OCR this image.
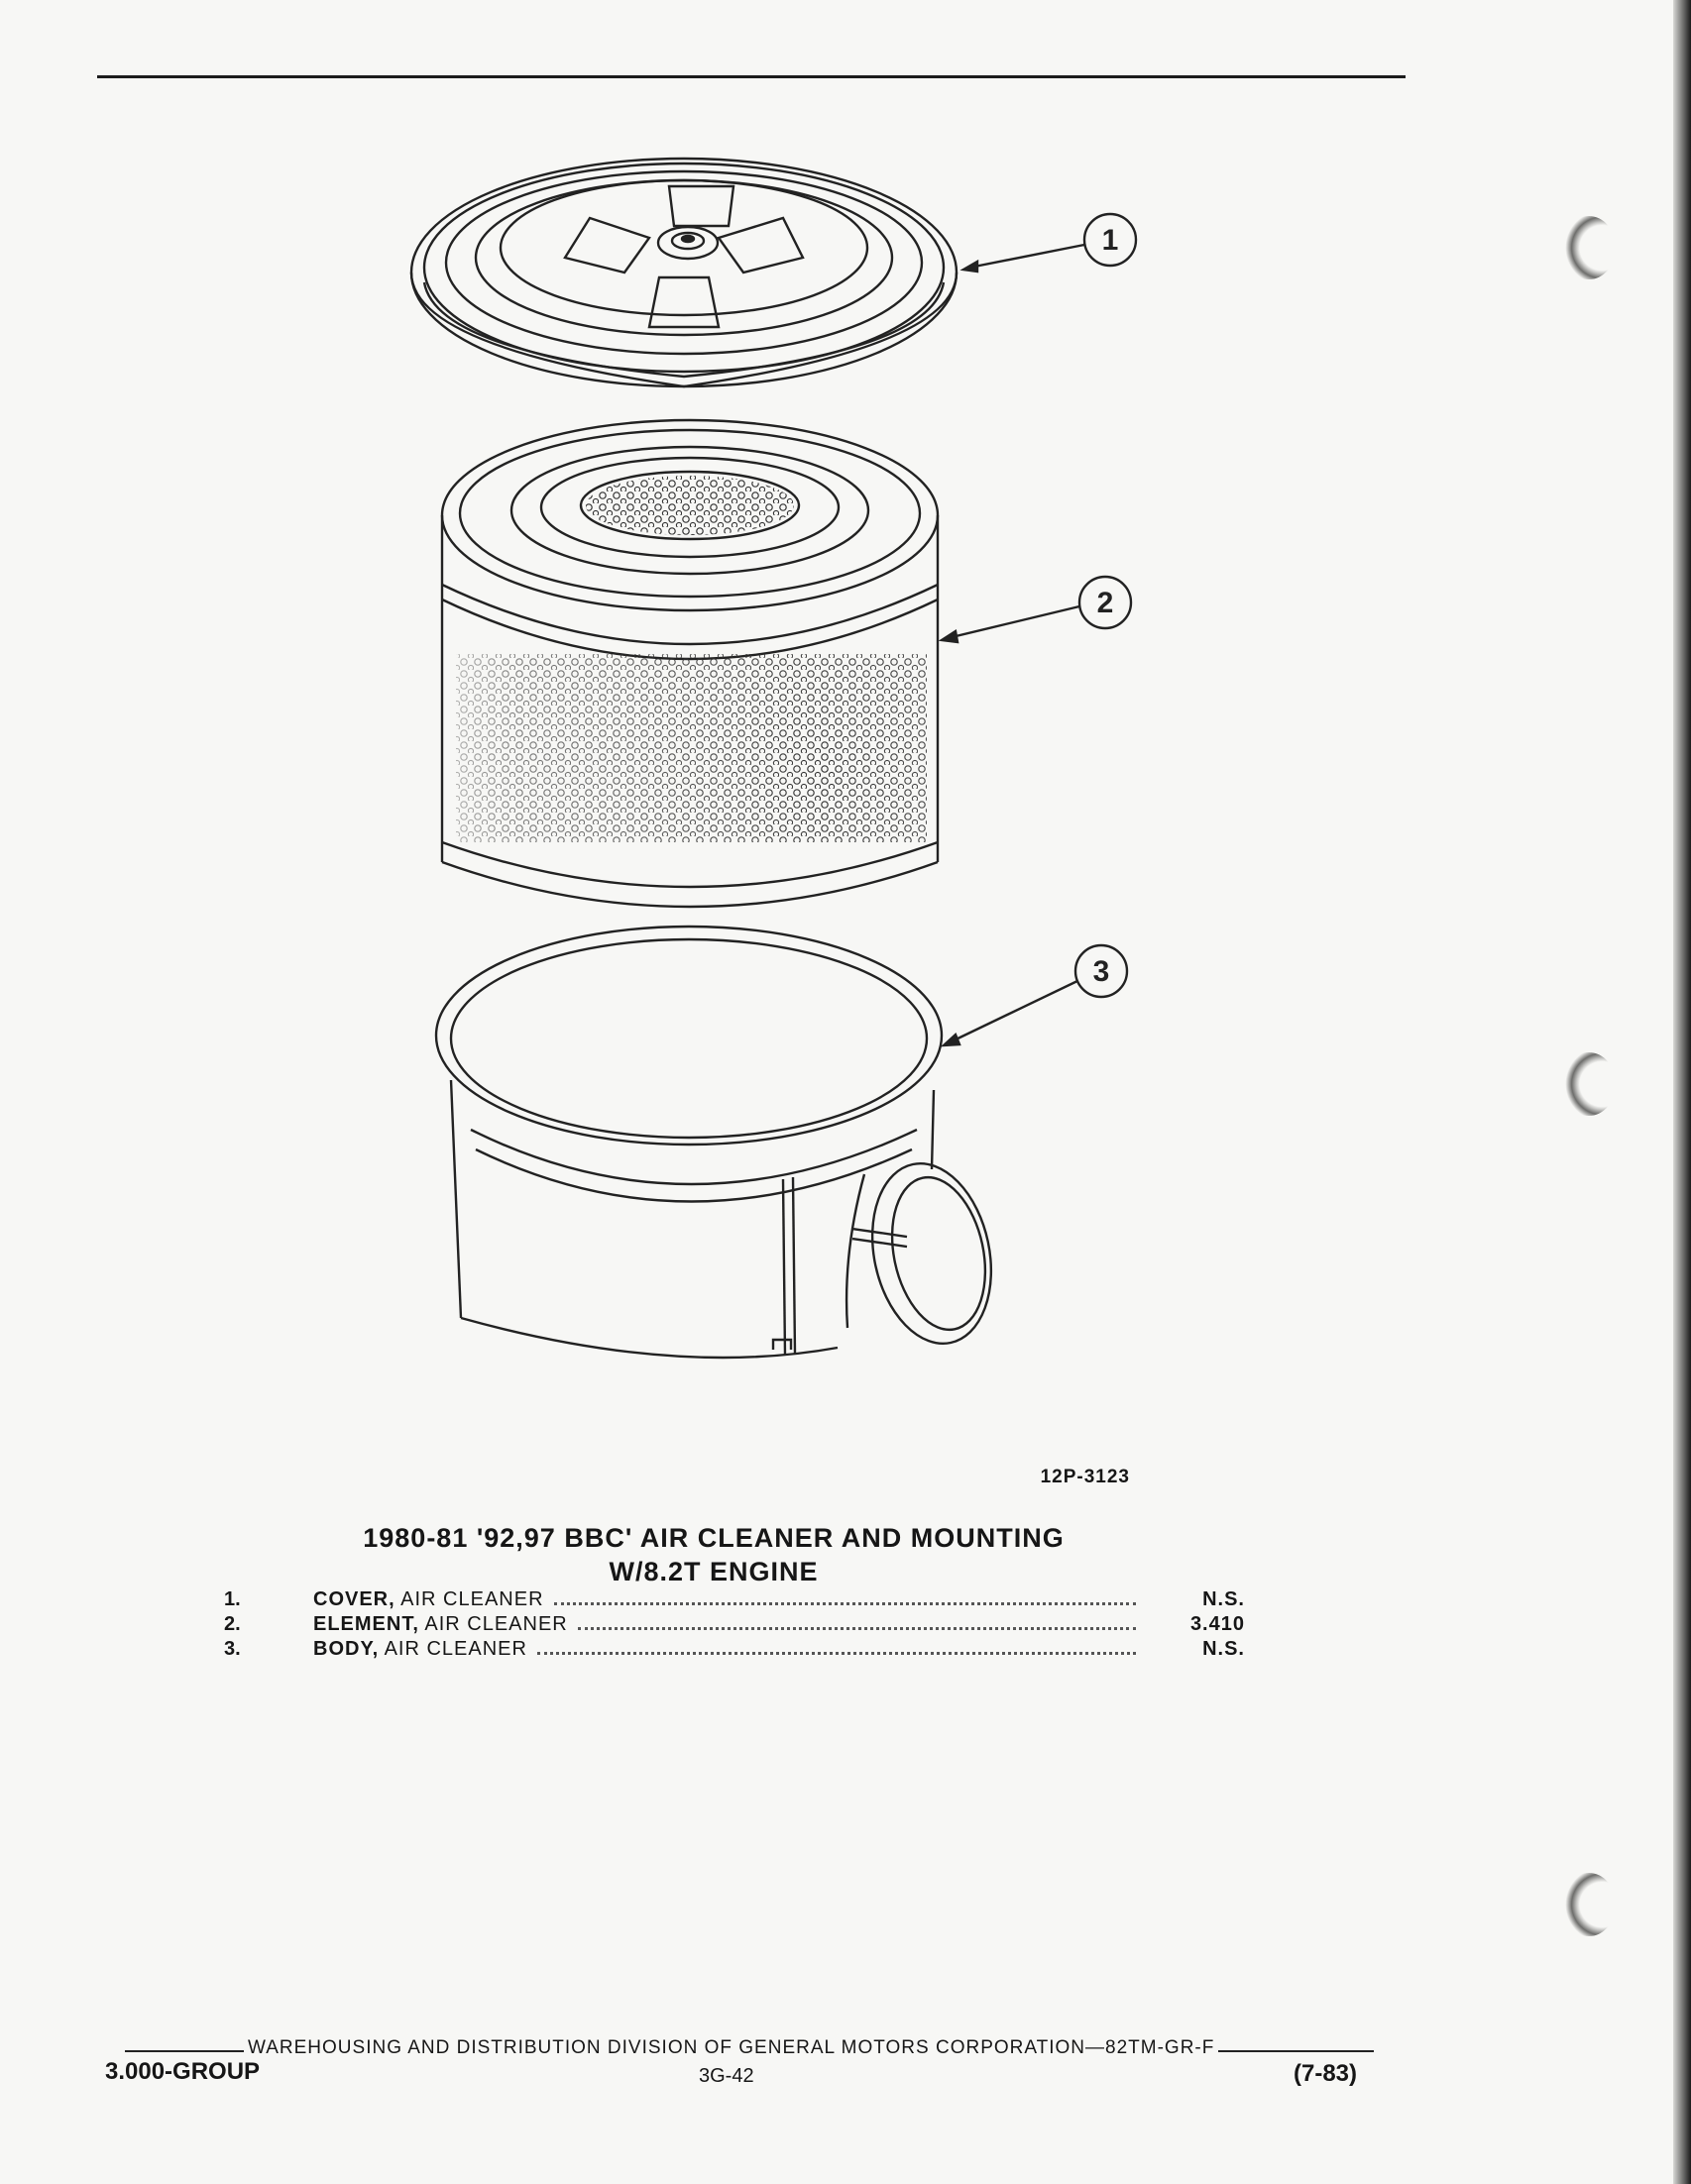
1
2
3
12P-3123
1980-81 '92,97 BBC' AIR CLEANER AND MOUNTING
W/8.2T ENGINE
1.	COVER, AIR CLEANER	N.S.
2.	ELEMENT, AIR CLEANER	3.410
3.	BODY, AIR CLEANER	N.S.
WAREHOUSING AND DISTRIBUTION DIVISION OF GENERAL MOTORS CORPORATION—82TM-GR-F
3.000-GROUP	3G-42	(7-83)
